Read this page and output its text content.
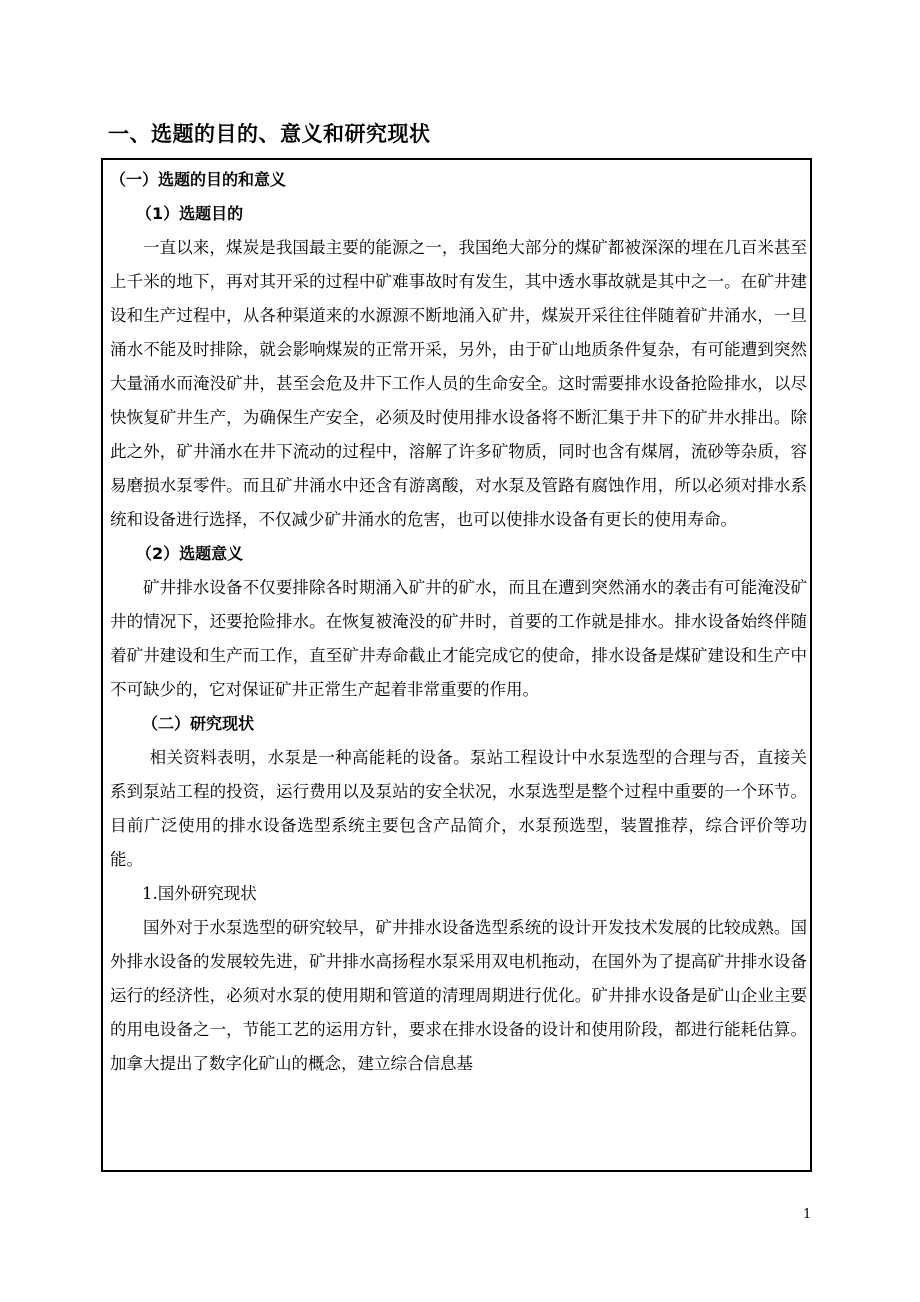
一、选题的目的、意义和研究现状

（一）选题的目的和意义

（1）选题目的

一直以来，煤炭是我国最主要的能源之一，我国绝大部分的煤矿都被深深的埋在几百米甚至上千米的地下，再对其开采的过程中矿难事故时有发生，其中透水事故就是其中之一。在矿井建设和生产过程中，从各种渠道来的水源源不断地涌入矿井，煤炭开采往往伴随着矿井涌水，一旦涌水不能及时排除，就会影响煤炭的正常开采，另外，由于矿山地质条件复杂，有可能遭到突然大量涌水而淹没矿井，甚至会危及井下工作人员的生命安全。这时需要排水设备抢险排水，以尽快恢复矿井生产，为确保生产安全，必须及时使用排水设备将不断汇集于井下的矿井水排出。除此之外，矿井涌水在井下流动的过程中，溶解了许多矿物质，同时也含有煤屑，流砂等杂质，容易磨损水泵零件。而且矿井涌水中还含有游离酸，对水泵及管路有腐蚀作用，所以必须对排水系统和设备进行选择，不仅减少矿井涌水的危害，也可以使排水设备有更长的使用寿命。

（2）选题意义

矿井排水设备不仅要排除各时期涌入矿井的矿水，而且在遭到突然涌水的袭击有可能淹没矿井的情况下，还要抢险排水。在恢复被淹没的矿井时，首要的工作就是排水。排水设备始终伴随着矿井建设和生产而工作，直至矿井寿命截止才能完成它的使命，排水设备是煤矿建设和生产中不可缺少的，它对保证矿井正常生产起着非常重要的作用。

（二）研究现状

相关资料表明，水泵是一种高能耗的设备。泵站工程设计中水泵选型的合理与否，直接关系到泵站工程的投资，运行费用以及泵站的安全状况，水泵选型是整个过程中重要的一个环节。目前广泛使用的排水设备选型系统主要包含产品简介，水泵预选型，装置推荐，综合评价等功能。

1.国外研究现状

国外对于水泵选型的研究较早，矿井排水设备选型系统的设计开发技术发展的比较成熟。国外排水设备的发展较先进，矿井排水高扬程水泵采用双电机拖动，在国外为了提高矿井排水设备运行的经济性，必须对水泵的使用期和管道的清理周期进行优化。矿井排水设备是矿山企业主要的用电设备之一，节能工艺的运用方针，要求在排水设备的设计和使用阶段，都进行能耗估算。加拿大提出了数字化矿山的概念，建立综合信息基

1
